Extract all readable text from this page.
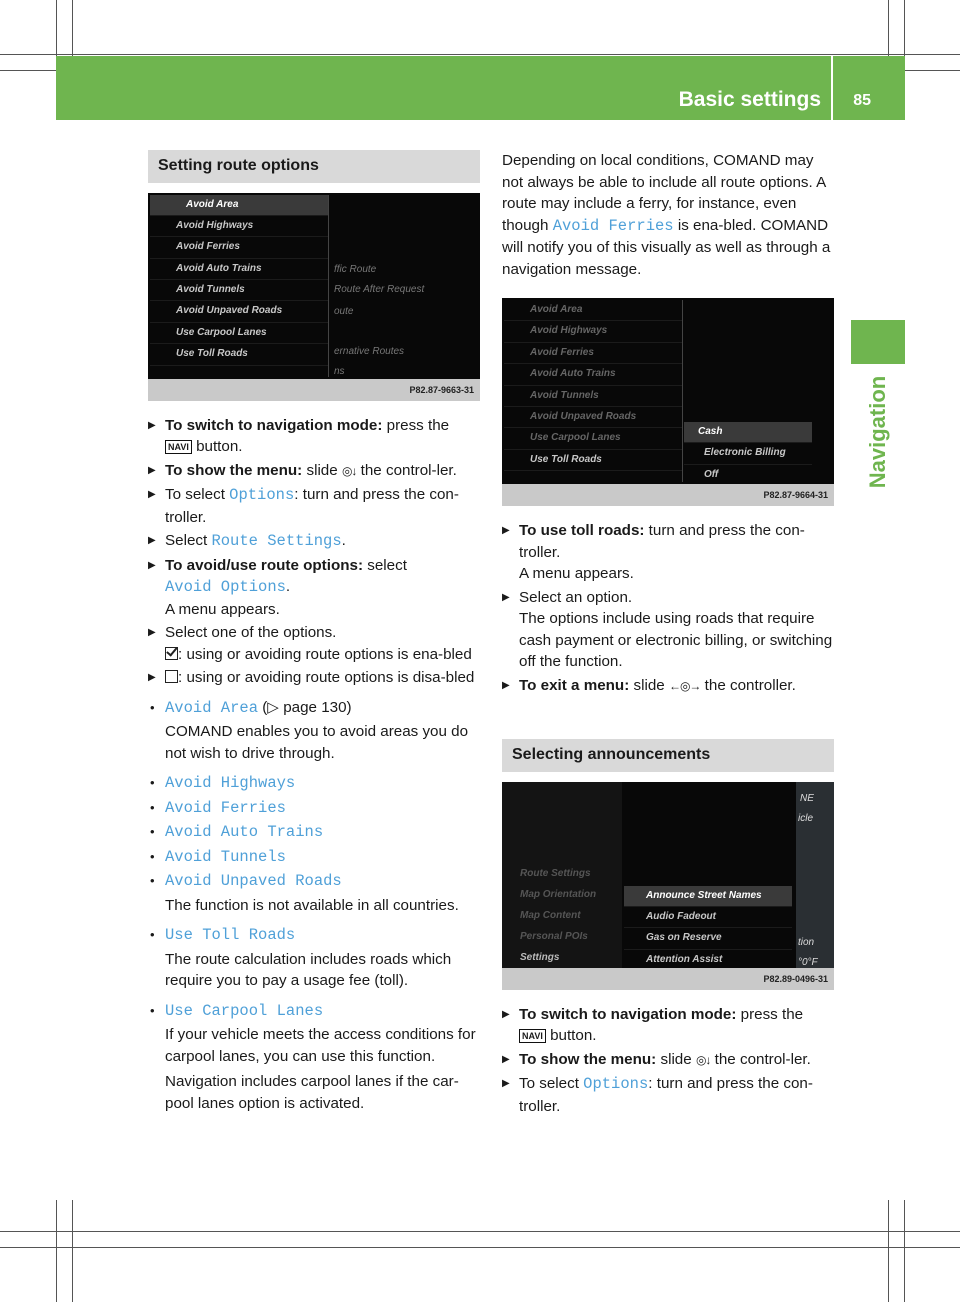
Basic settings 85
Navigation
Setting route options
Avoid Area
Avoid Highways
Avoid Ferries
Avoid Auto Trains
Avoid Tunnels
Avoid Unpaved Roads
Use Carpool Lanes
Use Toll Roads
ffic Route
Route After Request
oute
ernative Routes
ns
P82.87-9663-31

▶ To switch to navigation mode: press the
NAVI button.

▶ To show the menu: slide ◎↓ the control-ler.

▶ To select Options: turn and press the con-troller.

▶ Select Route Settings.

▶ To avoid/use route options: select
Avoid Options.
A menu appears.

▶ Select one of the options.
: using or avoiding route options is ena-bled

▶ : using or avoiding route options is disa-bled

• Avoid Area (▷ page 130)

COMAND enables you to avoid areas you do not wish to drive through.

• Avoid Highways

• Avoid Ferries

• Avoid Auto Trains

• Avoid Tunnels

• Avoid Unpaved Roads

The function is not available in all countries.

• Use Toll Roads

The route calculation includes roads which require you to pay a usage fee (toll).

• Use Carpool Lanes

If your vehicle meets the access conditions for carpool lanes, you can use this function.

Navigation includes carpool lanes if the car-pool lanes option is activated.

Depending on local conditions, COMAND may not always be able to include all route options. A route may include a ferry, for instance, even though Avoid Ferries is ena-bled. COMAND will notify you of this visually as well as through a navigation message.

Avoid Area
Avoid Highways
Avoid Ferries
Avoid Auto Trains
Avoid Tunnels
Avoid Unpaved Roads
Use Carpool Lanes
Use Toll Roads
Cash
Electronic Billing
Off
P82.87-9664-31

▶ To use toll roads: turn and press the con-troller.
A menu appears.

▶ Select an option.
The options include using roads that require cash payment or electronic billing, or switching off the function.

▶ To exit a menu: slide ←◎→ the controller.

Selecting announcements
Route Settings
Map Orientation
Map Content
Personal POIs
Settings
Announce Street Names
Audio Fadeout
Gas on Reserve
Attention Assist
NE
icle
tion
°0°F
P82.89-0496-31

▶ To switch to navigation mode: press the
NAVI button.

▶ To show the menu: slide ◎↓ the control-ler.

▶ To select Options: turn and press the con-troller.
